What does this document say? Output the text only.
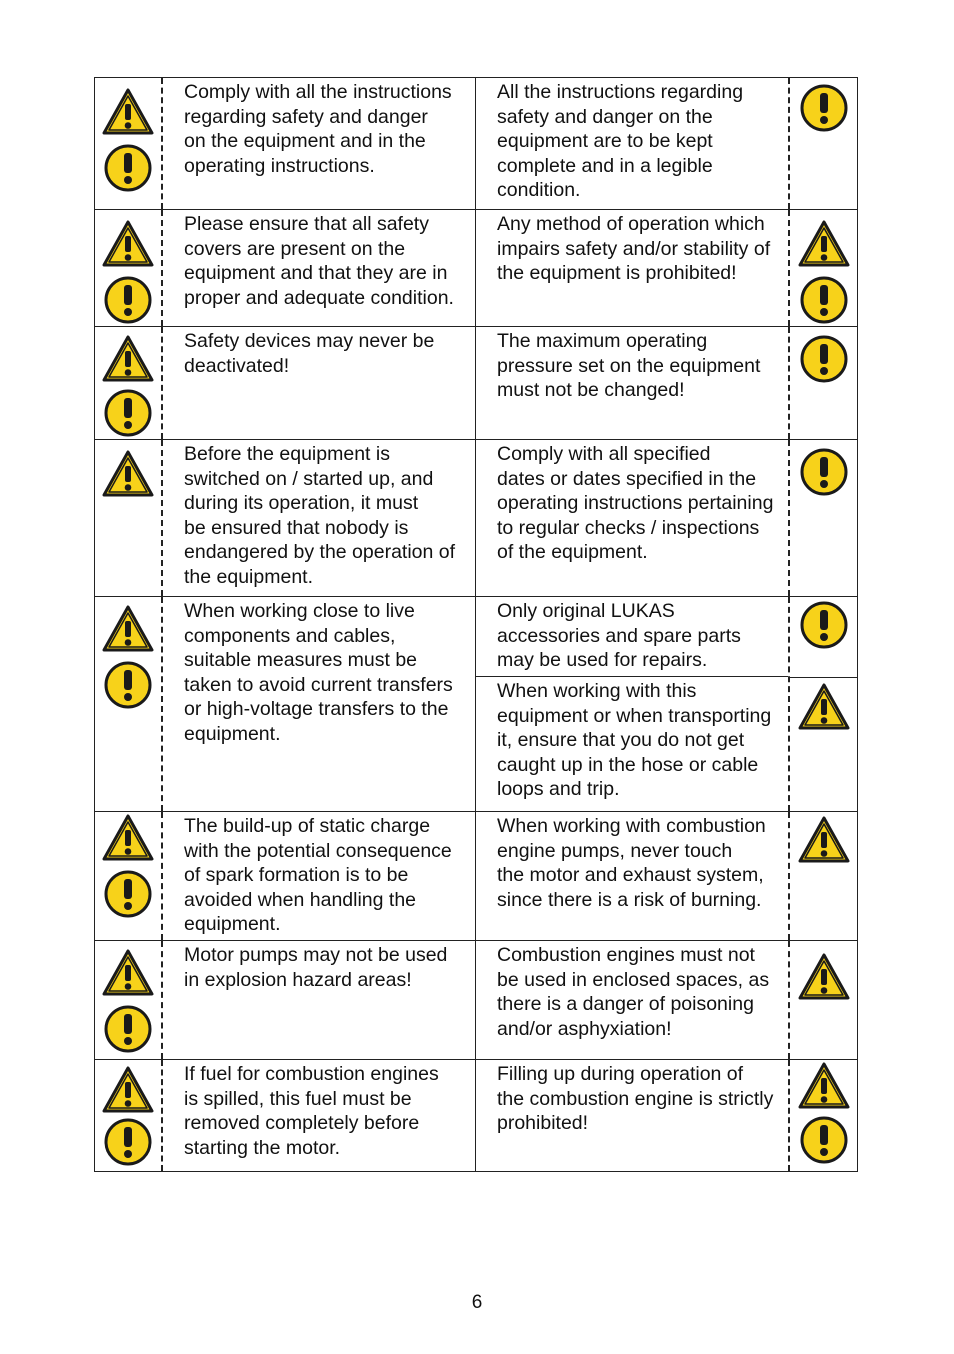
Comply with all the instructions
regarding safety and danger
on the equipment and in the
operating instructions.

All the instructions regarding
safety and danger on the
equipment are to be kept
complete and in a legible
condition.

Please ensure that all safety
covers are present on the
equipment and that they are in
proper and adequate condition.

Any method of operation which
impairs safety and/or stability of
the equipment is prohibited!

Safety devices may never be
deactivated!

The maximum operating
pressure set on the equipment
must not be changed!

Before the equipment is
switched on / started up, and
during its operation, it must
be ensured that nobody is
endangered by the operation of
the equipment.

Comply with all specified
dates or dates specified in the
operating instructions pertaining
to regular checks / inspections
of the equipment.

When working close to live
components and cables,
suitable measures must be
taken to avoid current transfers
or high-voltage transfers to the
equipment.

Only original LUKAS
accessories and spare parts
may be used for repairs.

When working with this
equipment or when transporting
it, ensure that you do not get
caught up in the hose or cable
loops and trip.

The build-up of static charge
with the potential consequence
of spark formation is to be
avoided when handling the
equipment.

When working with combustion
engine pumps, never touch
the motor and exhaust system,
since there is a risk of burning.

Motor pumps may not be used
in explosion hazard areas!

Combustion engines must not
be used in enclosed spaces, as
there is a danger of poisoning
and/or asphyxiation!

If fuel for combustion engines
is spilled, this fuel must be
removed completely before
starting the motor.

Filling up during operation of
the combustion engine is strictly
prohibited!

6
